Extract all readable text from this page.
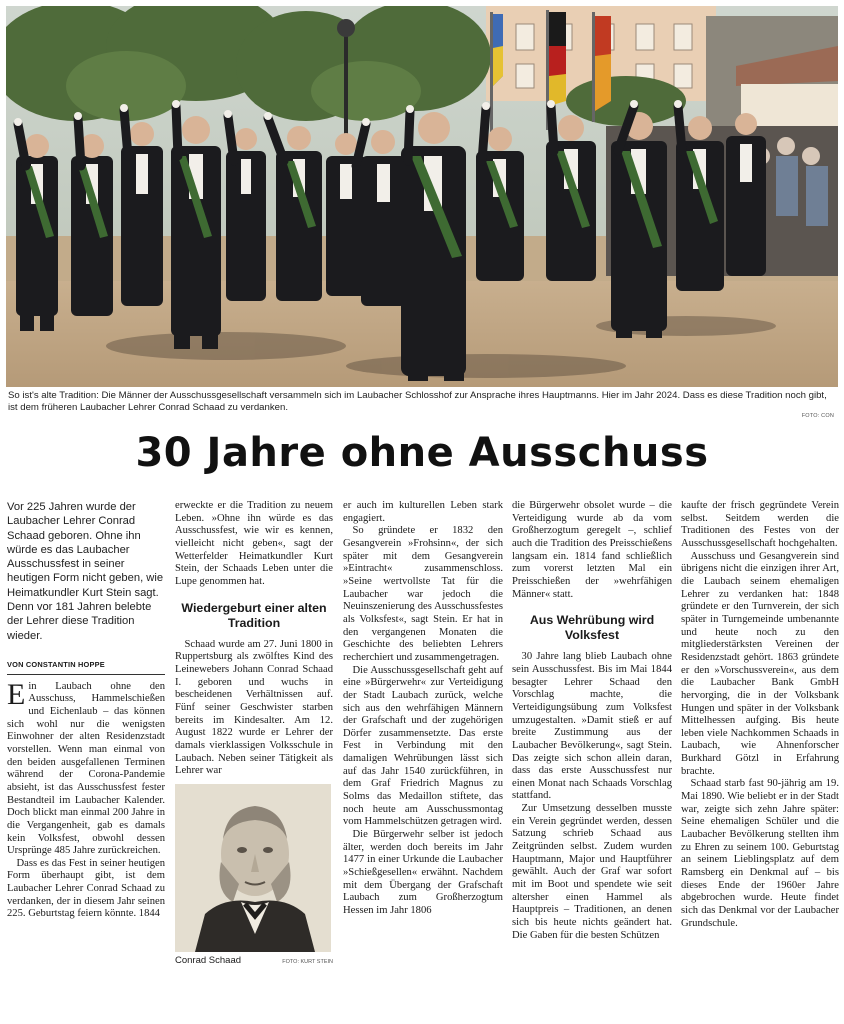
So ist's alte Tradition: Die Männer der Ausschussgesellschaft versammeln sich im Laubacher Schlosshof zur Ansprache ihres Hauptmanns. Hier im Jahr 2024. Dass es diese Tradition noch gibt, ist dem früheren Laubacher Lehrer Conrad Schaad zu verdanken.
FOTO: CON
30 Jahre ohne Ausschuss
Vor 225 Jahren wurde der Laubacher Lehrer Conrad Schaad geboren. Ohne ihn würde es das Laubacher Ausschussfest in seiner heutigen Form nicht geben, wie Heimatkundler Kurt Stein sagt. Denn vor 181 Jahren belebte der Lehrer diese Tradition wieder.
VON CONSTANTIN HOPPE

Ein Laubach ohne den Ausschuss, Hammelschießen und Eichenlaub – das können sich wohl nur die wenigsten Einwohner der alten Residenzstadt vorstellen. Wenn man einmal von den beiden ausgefallenen Terminen während der Corona-Pandemie absieht, ist das Ausschussfest fester Bestandteil im Laubacher Kalender. Doch blickt man einmal 200 Jahre in die Vergangenheit, gab es damals kein Volksfest, obwohl dessen Ursprünge 485 Jahre zurückreichen.

Dass es das Fest in seiner heutigen Form überhaupt gibt, ist dem Laubacher Lehrer Conrad Schaad zu verdanken, der in diesem Jahr seinen 225. Geburtstag feiern könnte. 1844

erweckte er die Tradition zu neuem Leben. »Ohne ihn würde es das Ausschussfest, wie wir es kennen, vielleicht nicht geben«, sagt der Wetterfelder Heimatkundler Kurt Stein, der Schaads Leben unter die Lupe genommen hat.

Wiedergeburt einer alten Tradition

Schaad wurde am 27. Juni 1800 in Ruppertsburg als zwölftes Kind des Leinewebers Johann Conrad Schaad I. geboren und wuchs in bescheidenen Verhältnissen auf. Fünf seiner Geschwister starben bereits im Kindesalter. Am 12. August 1822 wurde er Lehrer der damals vierklassigen Volksschule in Laubach. Neben seiner Tätigkeit als Lehrer war

Conrad Schaad	FOTO: KURT STEIN

er auch im kulturellen Leben stark engagiert.

So gründete er 1832 den Gesangverein »Frohsinn«, der sich später mit dem Gesangverein »Eintracht« zusammenschloss. »Seine wertvollste Tat für die Laubacher war jedoch die Neuinszenierung des Ausschussfestes als Volksfest«, sagt Stein. Er hat in den vergangenen Monaten die Geschichte des beliebten Lehrers recherchiert und zusammengetragen.

Die Ausschussgesellschaft geht auf eine »Bürgerwehr« zur Verteidigung der Stadt Laubach zurück, welche sich aus den wehrfähigen Männern der Grafschaft und der zugehörigen Dörfer zusammensetzte. Das erste Fest in Verbindung mit den damaligen Wehrübungen lässt sich auf das Jahr 1540 zurückführen, in dem Graf Friedrich Magnus zu Solms das Medaillon stiftete, das noch heute am Ausschussmontag vom Hammelschützen getragen wird.

Die Bürgerwehr selber ist jedoch älter, werden doch bereits im Jahr 1477 in einer Urkunde die Laubacher »Schießgesellen« erwähnt. Nachdem mit dem Übergang der Grafschaft Laubach zum Großherzogtum Hessen im Jahr 1806

die Bürgerwehr obsolet wurde – die Verteidigung wurde ab da vom Großherzogtum geregelt –, schlief auch die Tradition des Preisschießens langsam ein. 1814 fand schließlich zum vorerst letzten Mal ein Preisschießen der »wehrfähigen Männer« statt.

Aus Wehrübung wird Volksfest

30 Jahre lang blieb Laubach ohne sein Ausschussfest. Bis im Mai 1844 besagter Lehrer Schaad den Vorschlag machte, die Verteidigungsübung zum Volksfest umzugestalten. »Damit stieß er auf breite Zustimmung aus der Laubacher Bevölkerung«, sagt Stein. Das zeigte sich schon allein daran, dass das erste Ausschussfest nur einen Monat nach Schaads Vorschlag stattfand.

Zur Umsetzung desselben musste ein Verein gegründet werden, dessen Satzung schrieb Schaad aus Zeitgründen selbst. Zudem wurden Hauptmann, Major und Hauptführer gewählt. Auch der Graf war sofort mit im Boot und spendete wie seit altersher einen Hammel als Hauptpreis – Traditionen, an denen sich bis heute nichts geändert hat. Die Gaben für die besten Schützen

kaufte der frisch gegründete Verein selbst. Seitdem werden die Traditionen des Festes von der Ausschussgesellschaft hochgehalten.

Ausschuss und Gesangverein sind übrigens nicht die einzigen ihrer Art, die Laubach seinem ehemaligen Lehrer zu verdanken hat: 1848 gründete er den Turnverein, der sich später in Turngemeinde umbenannte und heute noch zu den mitgliederstärksten Vereinen der Residenzstadt gehört. 1863 gründete er den »Vorschussverein«, aus dem die Laubacher Bank GmbH hervorging, die in der Volksbank Hungen und später in der Volksbank Mittelhessen aufging. Bis heute leben viele Nachkommen Schaads in Laubach, wie Ahnenforscher Burkhard Götzl in Erfahrung brachte.

Schaad starb fast 90-jährig am 19. Mai 1890. Wie beliebt er in der Stadt war, zeigte sich zehn Jahre später: Seine ehemaligen Schüler und die Laubacher Bevölkerung stellten ihm zu Ehren zu seinem 100. Geburtstag an seinem Lieblingsplatz auf dem Ramsberg ein Denkmal auf – bis dieses Ende der 1960er Jahre abgebrochen wurde. Heute findet sich das Denkmal vor der Laubacher Grundschule.
